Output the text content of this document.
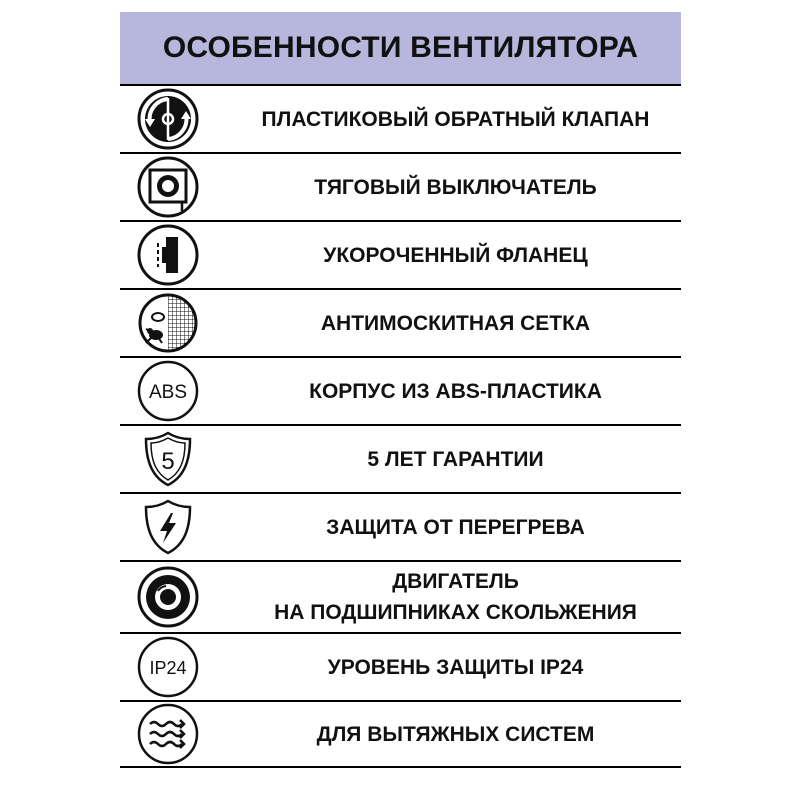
ОСОБЕННОСТИ ВЕНТИЛЯТОРА
ПЛАСТИКОВЫЙ ОБРАТНЫЙ КЛАПАН
ТЯГОВЫЙ ВЫКЛЮЧАТЕЛЬ
УКОРОЧЕННЫЙ ФЛАНЕЦ
АНТИМОСКИТНАЯ СЕТКА
ABS	КОРПУС ИЗ ABS-ПЛАСТИКА
5	5 ЛЕТ ГАРАНТИИ
ЗАЩИТА ОТ ПЕРЕГРЕВА
ДВИГАТЕЛЬ
НА ПОДШИПНИКАХ СКОЛЬЖЕНИЯ
IP24	УРОВЕНЬ ЗАЩИТЫ IP24
ДЛЯ ВЫТЯЖНЫХ СИСТЕМ
